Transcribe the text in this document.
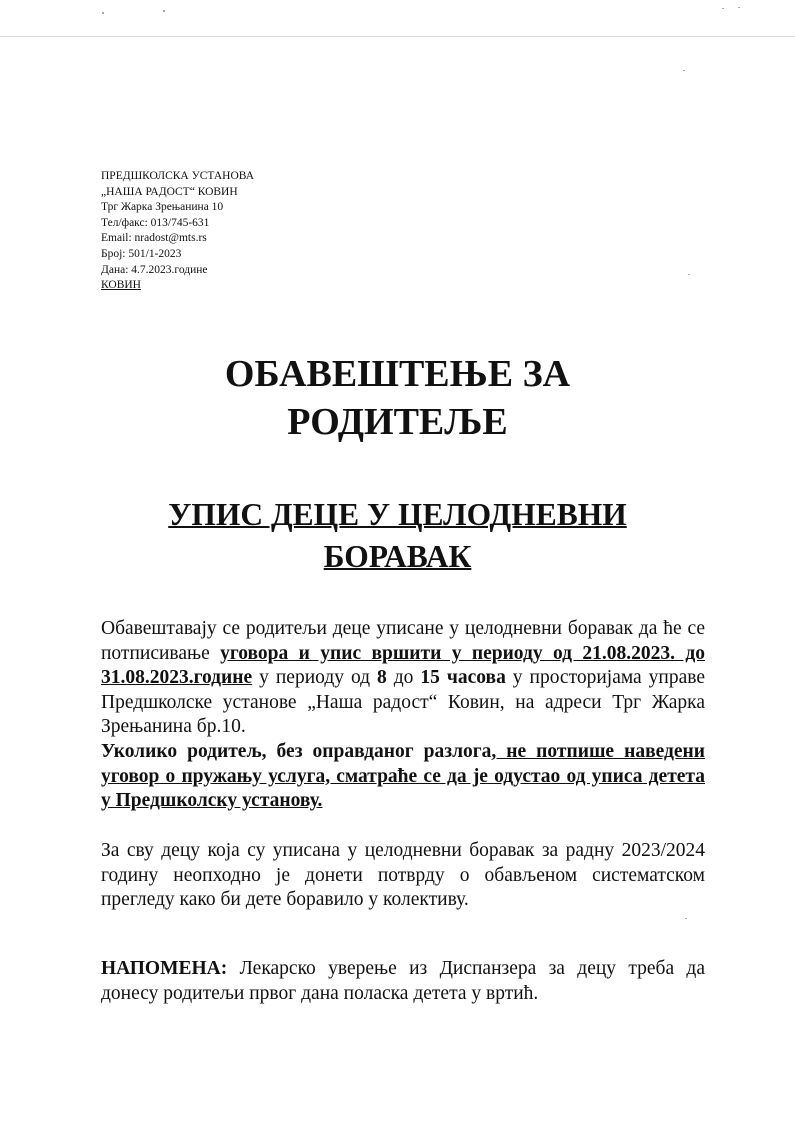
ПРЕДШКОЛСКА УСТАНОВА
„НАША РАДОСТ“ КОВИН
Трг Жарка Зрењанина 10
Тел/факс: 013/745-631
Email: nradost@mts.rs
Број: 501/1-2023
Дана: 4.7.2023.године
КОВИН
ОБАВЕШТЕЊЕ ЗА
РОДИТЕЉЕ
УПИС ДЕЦЕ У ЦЕЛОДНЕВНИ
БОРАВАК
Обавештавају се родитељи деце уписане у целодневни боравак да ће се потписивање уговора и упис вршити у периоду од 21.08.2023. до 31.08.2023.године у периоду од 8 до 15 часова у просторијама управе Предшколске установе „Наша радост“ Ковин, на адреси Трг Жарка Зрењанина бр.10.
Уколико родитељ, без оправданог разлога, не потпише наведени уговор о пружању услуга, сматраће се да је одустао од уписа детета у Предшколску установу.
За сву децу која су уписана у целодневни боравак за радну 2023/2024 годину неопходно је донети потврду о обављеном систематском прегледу како би дете боравило у колективу.
НАПОМЕНА: Лекарско уверење из Диспанзера за децу треба да донесу родитељи првог дана поласка детета у вртић.
